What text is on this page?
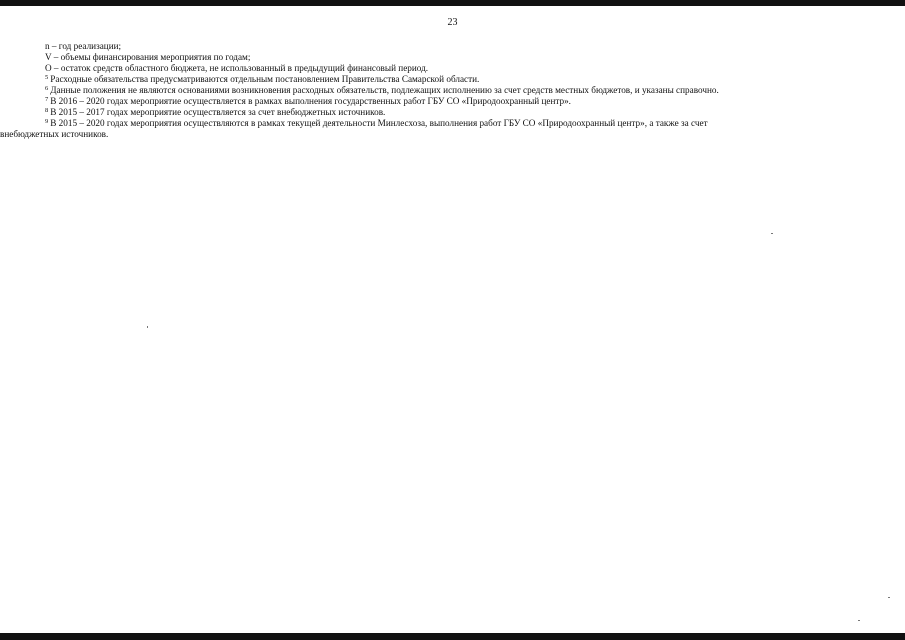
23
n – год реализации;
V – объемы финансирования мероприятия по годам;
O – остаток средств областного бюджета, не использованный в предыдущий финансовый период.
$^5$ Расходные обязательства предусматриваются отдельным постановлением Правительства Самарской области.
$^6$ Данные положения не являются основаниями возникновения расходных обязательств, подлежащих исполнению за счет средств местных бюджетов, и указаны справочно.
$^7$ В 2016 – 2020 годах мероприятие осуществляется в рамках выполнения государственных работ ГБУ СО «Природоохранный центр».
$^8$ В 2015 – 2017 годах мероприятие осуществляется за счет внебюджетных источников.
$^9$ В 2015 – 2020 годах мероприятия осуществляются в рамках текущей деятельности Минлесхоза, выполнения работ ГБУ СО «Природоохранный центр», а также за счет
внебюджетных источников.
